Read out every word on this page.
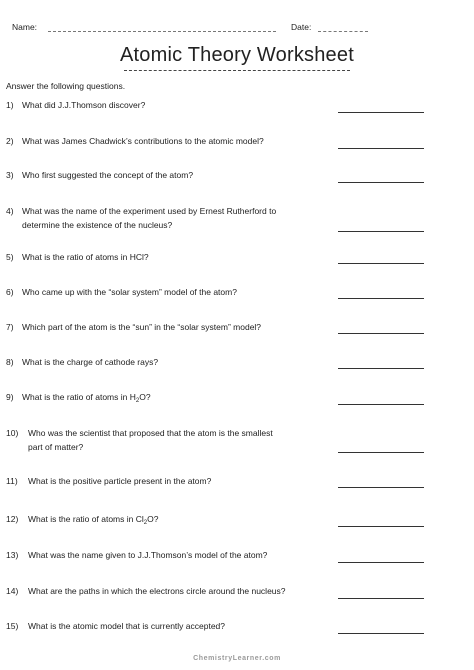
Name:	Date:
Atomic Theory Worksheet
Answer the following questions.
1) What did J.J.Thomson discover?
2) What was James Chadwick’s contributions to the atomic model?
3) Who first suggested the concept of the atom?
4) What was the name of the experiment used by Ernest Rutherford to
determine the existence of the nucleus?
5) What is the ratio of atoms in HCl?
6) Who came up with the “solar system” model of the atom?
7) Which part of the atom is the “sun” in the “solar system” model?
8) What is the charge of cathode rays?
9) What is the ratio of atoms in $H_2O$?
10) Who was the scientist that proposed that the atom is the smallest
part of matter?
11) What is the positive particle present in the atom?
12) What is the ratio of atoms in $Cl_2O$?
13) What was the name given to J.J.Thomson’s model of the atom?
14) What are the paths in which the electrons circle around the nucleus?
15) What is the atomic model that is currently accepted?
ChemistryLearner.com
